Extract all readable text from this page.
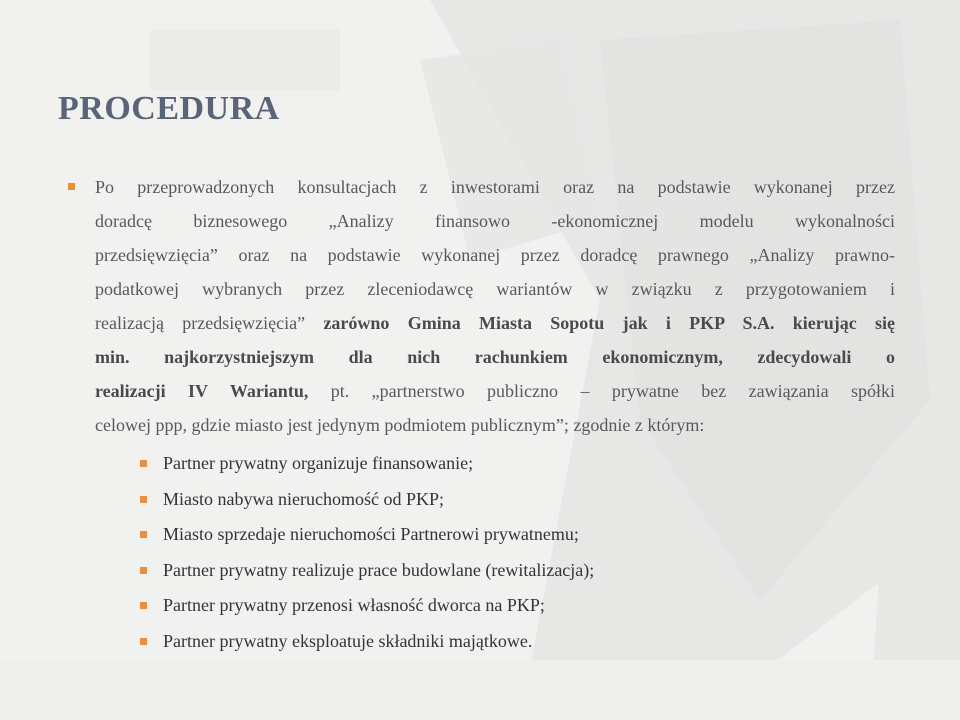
PROCEDURA

Po przeprowadzonych konsultacjach z inwestorami oraz na podstawie wykonanej przez
doradcę biznesowego „Analizy finansowo -ekonomicznej modelu wykonalności
przedsięwzięcia” oraz na podstawie wykonanej przez doradcę prawnego „Analizy prawno-
podatkowej wybranych przez zleceniodawcę wariantów w związku z przygotowaniem i
realizacją przedsięwzięcia” zarówno Gmina Miasta Sopotu jak i PKP S.A. kierując się
min. najkorzystniejszym dla nich rachunkiem ekonomicznym, zdecydowali o
realizacji IV Wariantu, pt. „partnerstwo publiczno – prywatne bez zawiązania spółki
celowej ppp, gdzie miasto jest jedynym podmiotem publicznym”; zgodnie z którym:

Partner prywatny organizuje finansowanie;
Miasto nabywa nieruchomość od PKP;
Miasto sprzedaje nieruchomości Partnerowi prywatnemu;
Partner prywatny realizuje prace budowlane (rewitalizacja);
Partner prywatny przenosi własność dworca na PKP;
Partner prywatny eksploatuje składniki majątkowe.
